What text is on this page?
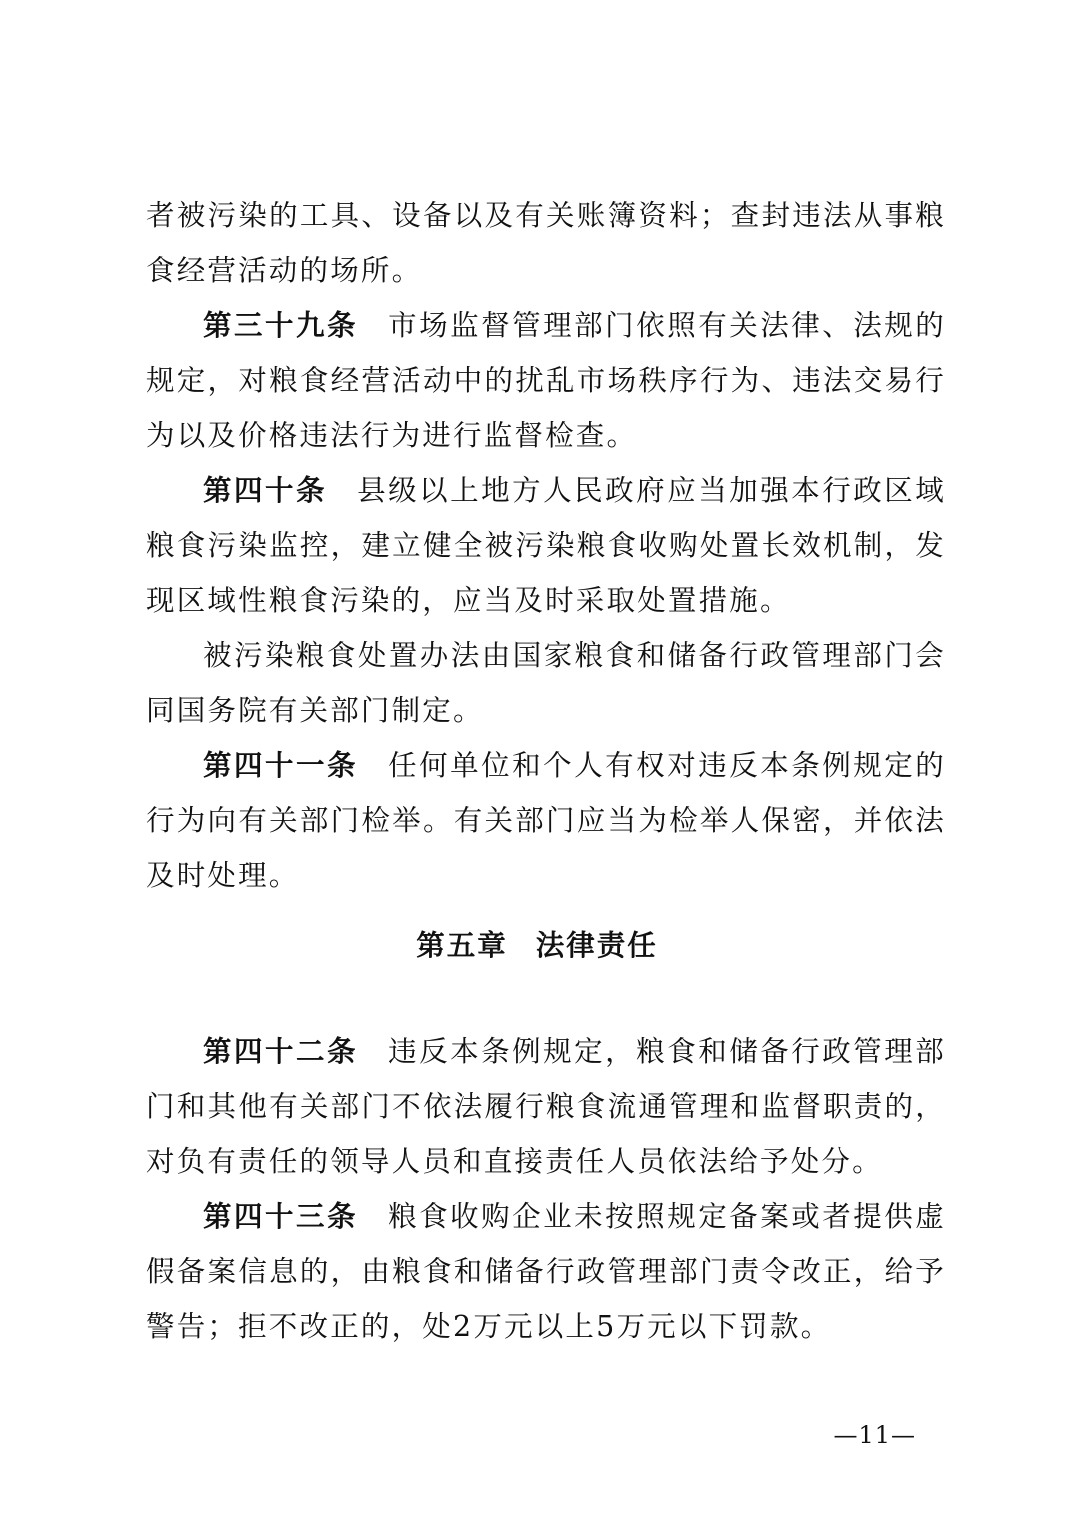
者被污染的工具、设备以及有关账簿资料；查封违法从事粮食经营活动的场所。

第三十九条 市场监督管理部门依照有关法律、法规的规定，对粮食经营活动中的扰乱市场秩序行为、违法交易行为以及价格违法行为进行监督检查。

第四十条 县级以上地方人民政府应当加强本行政区域粮食污染监控，建立健全被污染粮食收购处置长效机制，发现区域性粮食污染的，应当及时采取处置措施。

被污染粮食处置办法由国家粮食和储备行政管理部门会同国务院有关部门制定。

第四十一条 任何单位和个人有权对违反本条例规定的行为向有关部门检举。有关部门应当为检举人保密，并依法及时处理。

第五章 法律责任

第四十二条 违反本条例规定，粮食和储备行政管理部门和其他有关部门不依法履行粮食流通管理和监督职责的，对负有责任的领导人员和直接责任人员依法给予处分。

第四十三条 粮食收购企业未按照规定备案或者提供虚假备案信息的，由粮食和储备行政管理部门责令改正，给予警告；拒不改正的，处2万元以上5万元以下罚款。

—11—
